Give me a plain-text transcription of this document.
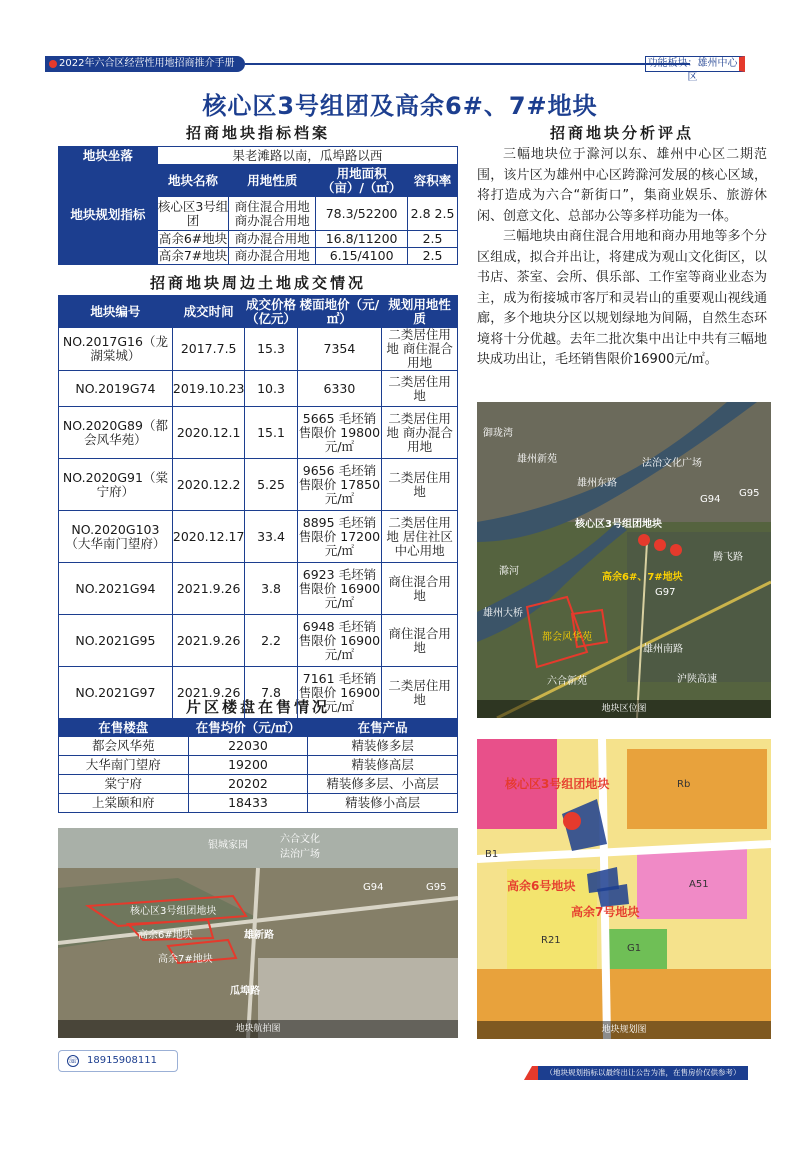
2022年六合区经营性用地招商推介手册	功能板块：雄州中心区
核心区3号组团及高余6#、7#地块
招商地块指标档案
招商地块周边土地成交情况
片区楼盘在售情况
招商地块分析评点
地块坐落	果老滩路以南，瓜埠路以西			
地块规划指标	地块名称	用地性质	用地面积（亩）/（㎡）	容积率
	核心区3号组团	商住混合用地 商办混合用地	78.3/52200	2.8 2.5
	高余6#地块	商办混合用地	16.8/11200	2.5
	高余7#地块	商办混合用地	6.15/4100	2.5
地块编号	成交时间	成交价格（亿元）	楼面地价（元/㎡）	规划用地性质
NO.2017G16（龙湖棠城）	2017.7.5	15.3	7354	二类居住用地 商住混合用地
NO.2019G74	2019.10.23	10.3	6330	二类居住用地
NO.2020G89（都会风华苑）	2020.12.1	15.1	5665 毛坯销售限价 19800元/㎡	二类居住用地 商办混合用地
NO.2020G91（棠宁府）	2020.12.2	5.25	9656 毛坯销售限价 17850元/㎡	二类居住用地
NO.2020G103（大华南门望府）	2020.12.17	33.4	8895 毛坯销售限价 17200元/㎡	二类居住用地 居住社区中心用地
NO.2021G94	2021.9.26	3.8	6923 毛坯销售限价 16900元/㎡	商住混合用地
NO.2021G95	2021.9.26	2.2	6948 毛坯销售限价 16900元/㎡	商住混合用地
NO.2021G97	2021.9.26	7.8	7161 毛坯销售限价 16900元/㎡	二类居住用地
在售楼盘	在售均价（元/㎡）	在售产品
都会风华苑	22030	精装修多层
大华南门望府	19200	精装修高层
棠宁府	20202	精装修多层、小高层
上棠颐和府	18433	精装修小高层

三幅地块位于滁河以东、雄州中心区二期范围，该片区为雄州中心区跨滁河发展的核心区域，将打造成为六合“新街口”，集商业娱乐、旅游休闲、创意文化、总部办公等多样功能为一体。

三幅地块由商住混合用地和商办用地等多个分区组成，拟合并出让，将建成为观山文化街区，以书店、茶室、会所、俱乐部、工作室等商业业态为主，成为衔接城市客厅和灵岩山的重要观山视线通廊，多个地块分区以规划绿地为间隔，自然生态环境将十分优越。去年二批次集中出让中共有三幅地块成功出让，毛坯销售限价16900元/㎡。

雄州新苑
雄州东路
法治文化广场
G94
G95
核心区3号组团地块
高余6#、7#地块
G97
腾飞路
滁河
雄州大桥
都会风华苑
雄州南路
沪陕高速
六合新苑
御珑湾
地块区位图
银城家园
六合文化法治广场
G94	G95
核心区3号组团地块
高余6#地块
高余7#地块
雄新路
瓜埠路
地块航拍图
核心区3号组团地块
高余6号地块
高余7号地块
A51
R21
Rb
G1
B1
地块规划图
☏ 18915908111
（地块规划指标以最终出让公告为准，在售房价仅供参考）
